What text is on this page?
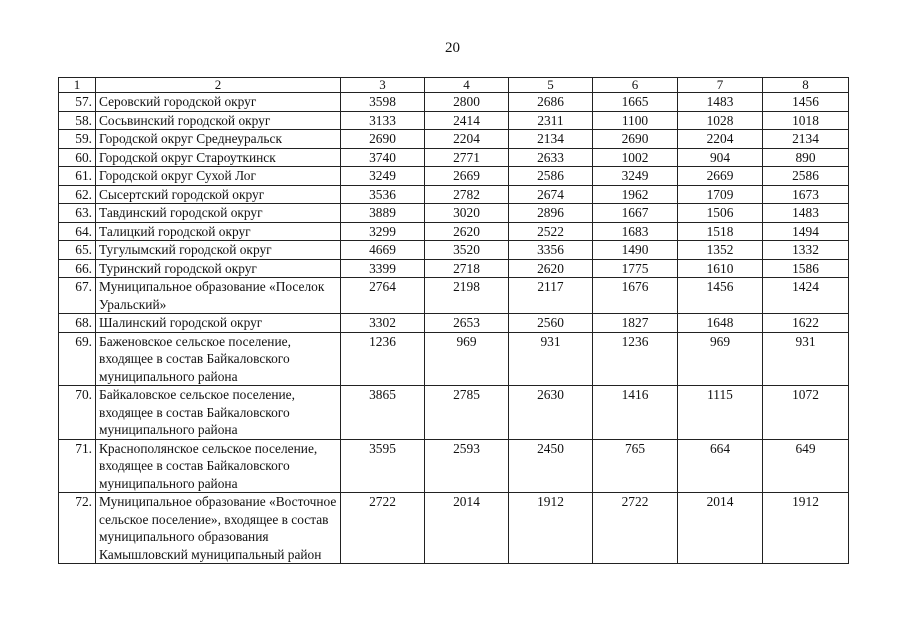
20
1	2	3	4	5	6	7	8
57.	Серовский городской округ	3598	2800	2686	1665	1483	1456
58.	Сосьвинский городской округ	3133	2414	2311	1100	1028	1018
59.	Городской округ Среднеуральск	2690	2204	2134	2690	2204	2134
60.	Городской округ Староуткинск	3740	2771	2633	1002	904	890
61.	Городской округ Сухой Лог	3249	2669	2586	3249	2669	2586
62.	Сысертский городской округ	3536	2782	2674	1962	1709	1673
63.	Тавдинский городской округ	3889	3020	2896	1667	1506	1483
64.	Талицкий городской округ	3299	2620	2522	1683	1518	1494
65.	Тугулымский городской округ	4669	3520	3356	1490	1352	1332
66.	Туринский городской округ	3399	2718	2620	1775	1610	1586
67.	Муниципальное образование «Поселок Уральский»	2764	2198	2117	1676	1456	1424
68.	Шалинский городской округ	3302	2653	2560	1827	1648	1622
69.	Баженовское сельское поселение, входящее в состав Байкаловского муниципального района	1236	969	931	1236	969	931
70.	Байкаловское сельское поселение, входящее в состав Байкаловского муниципального района	3865	2785	2630	1416	1115	1072
71.	Краснополянское сельское поселение, входящее в состав Байкаловского муниципального района	3595	2593	2450	765	664	649
72.	Муниципальное образование «Восточное сельское поселение», входящее в состав муниципального образования Камышловский муниципальный район	2722	2014	1912	2722	2014	1912
